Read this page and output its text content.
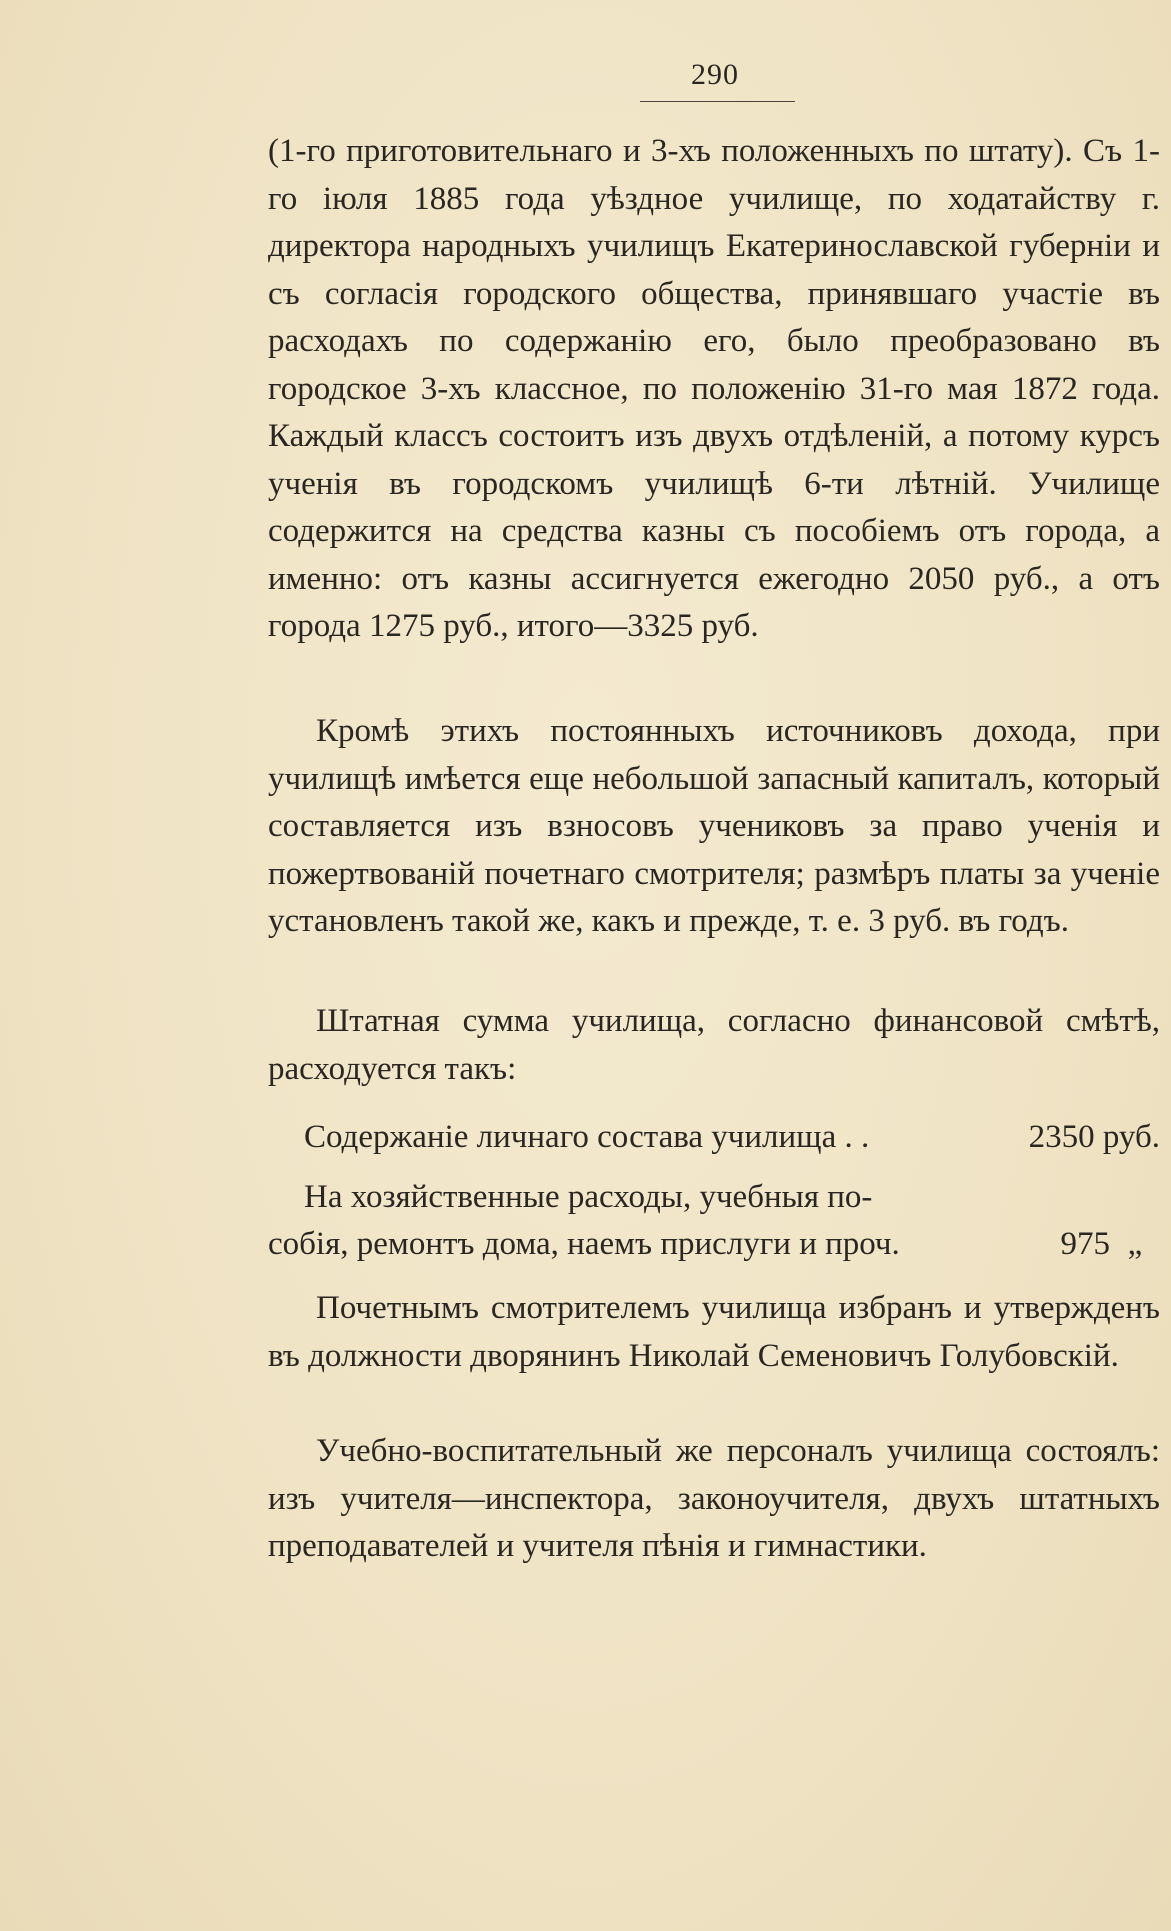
290

(1-го приготовительнаго и 3-хъ положенныхъ по штату). Съ 1-го іюля 1885 года уѣздное училище, по ходатайству г. директора народныхъ училищъ Екатеринославской губерніи и съ согласія городского общества, принявшаго участіе въ расходахъ по содержанію его, было преобразовано въ городское 3-хъ классное, по положенію 31-го мая 1872 года. Каждый классъ состоитъ изъ двухъ отдѣленій, а потому курсъ ученія въ городскомъ училищѣ 6-ти лѣтній. Училище содержится на средства казны съ пособіемъ отъ города, а именно: отъ казны ассигнуется ежегодно 2050 руб., а отъ города 1275 руб., итого—3325 руб.

Кромѣ этихъ постоянныхъ источниковъ дохода, при училищѣ имѣется еще небольшой запасный капиталъ, который составляется изъ взносовъ учениковъ за право ученія и пожертвованій почетнаго смотрителя; размѣръ платы за ученіе установленъ такой же, какъ и прежде, т. е. 3 руб. въ годъ.

Штатная сумма училища, согласно финансовой смѣтѣ, расходуется такъ:

Содержаніе личнаго состава училища . .	2350 руб.
На хозяйственные расходы, учебныя по-
собія, ремонтъ дома, наемъ прислуги и проч.	975 „

Почетнымъ смотрителемъ училища избранъ и утвержденъ въ должности дворянинъ Николай Семеновичъ Голубовскій.

Учебно-воспитательный же персоналъ училища состоялъ: изъ учителя—инспектора, законоучителя, двухъ штатныхъ преподавателей и учителя пѣнія и гимнастики.
